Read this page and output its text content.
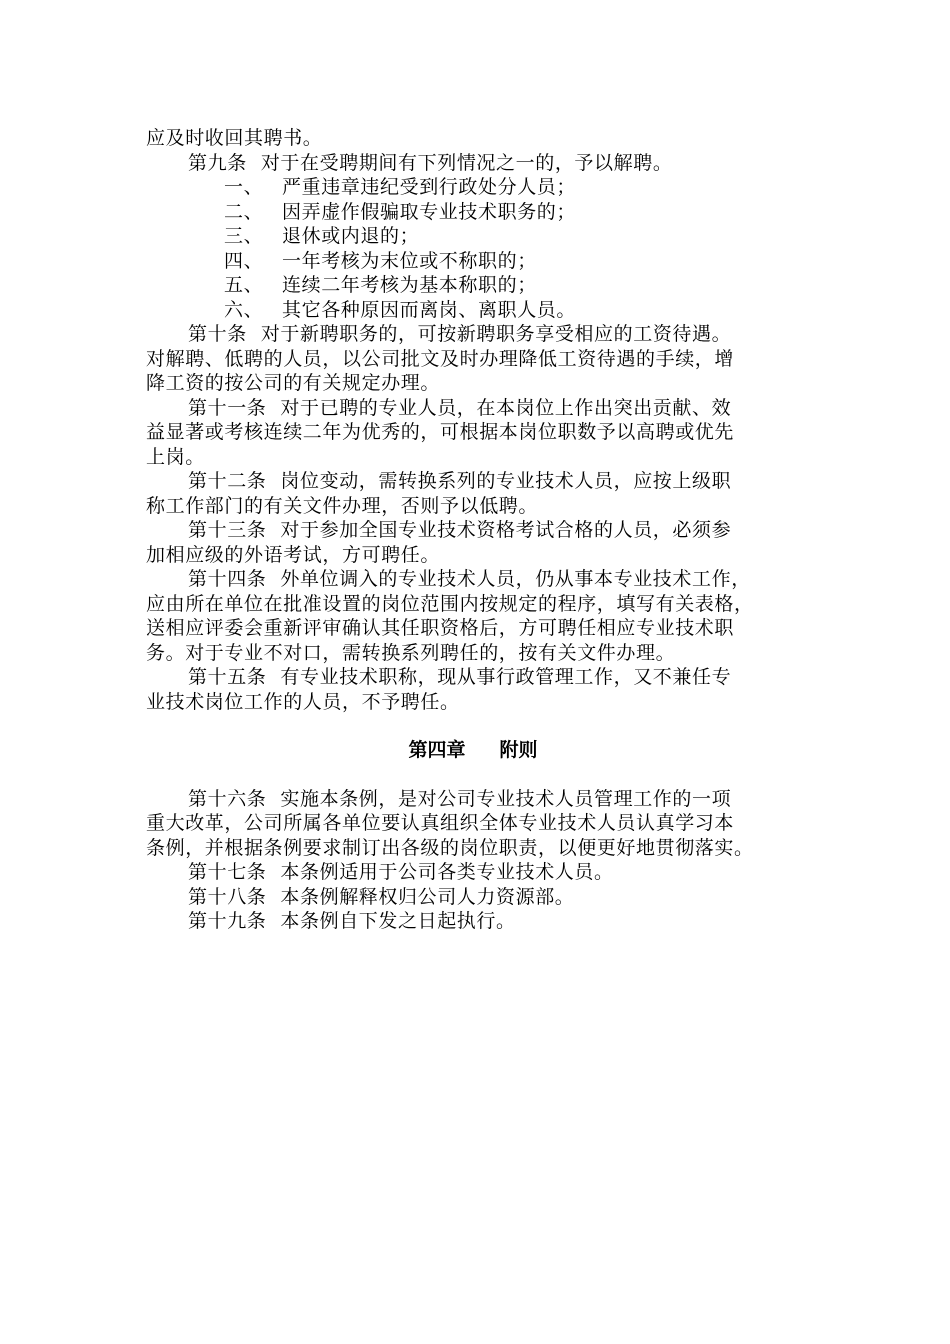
应及时收回其聘书。
第九条 对于在受聘期间有下列情况之一的，予以解聘。
一、 严重违章违纪受到行政处分人员；
二、 因弄虚作假骗取专业技术职务的；
三、 退休或内退的；
四、 一年考核为末位或不称职的；
五、 连续二年考核为基本称职的；
六、 其它各种原因而离岗、离职人员。
第十条 对于新聘职务的，可按新聘职务享受相应的工资待遇。
对解聘、低聘的人员，以公司批文及时办理降低工资待遇的手续，增
降工资的按公司的有关规定办理。
第十一条 对于已聘的专业人员，在本岗位上作出突出贡献、效
益显著或考核连续二年为优秀的，可根据本岗位职数予以高聘或优先
上岗。
第十二条 岗位变动，需转换系列的专业技术人员，应按上级职
称工作部门的有关文件办理，否则予以低聘。
第十三条 对于参加全国专业技术资格考试合格的人员，必须参
加相应级的外语考试，方可聘任。
第十四条 外单位调入的专业技术人员，仍从事本专业技术工作，
应由所在单位在批准设置的岗位范围内按规定的程序，填写有关表格，
送相应评委会重新评审确认其任职资格后，方可聘任相应专业技术职
务。对于专业不对口，需转换系列聘任的，按有关文件办理。
第十五条 有专业技术职称，现从事行政管理工作，又不兼任专
业技术岗位工作的人员，不予聘任。
第四章 附则
第十六条 实施本条例，是对公司专业技术人员管理工作的一项
重大改革，公司所属各单位要认真组织全体专业技术人员认真学习本
条例，并根据条例要求制订出各级的岗位职责，以便更好地贯彻落实。
第十七条 本条例适用于公司各类专业技术人员。
第十八条 本条例解释权归公司人力资源部。
第十九条 本条例自下发之日起执行。
